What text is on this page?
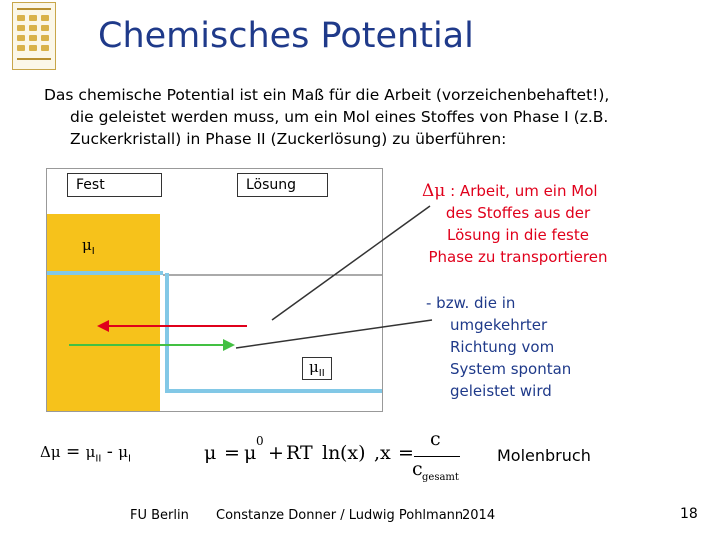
Chemisches Potential
Das chemische Potential ist ein Maß für die Arbeit (vorzeichenbehaftet!),
die geleistet werden muss, um ein Mol eines Stoffes von Phase I (z.B.
Zuckerkristall) in Phase II (Zuckerlösung) zu überführen:
Fest	Lösung
$\mu_I$
$\mu_{II}$
Δμ : Arbeit, um ein Mol
des Stoffes aus der
Lösung in die feste
Phase zu transportieren
- bzw. die in
umgekehrter
Richtung vom
System spontan
geleistet wird
$\Delta\mu = \mu_{II} - \mu_I$	μ = μ
0
+ RT ln (x) , x =
c
c gesamt
Molenbruch
FU Berlin Constanze Donner / Ludwig Pohlmann
2014	18
